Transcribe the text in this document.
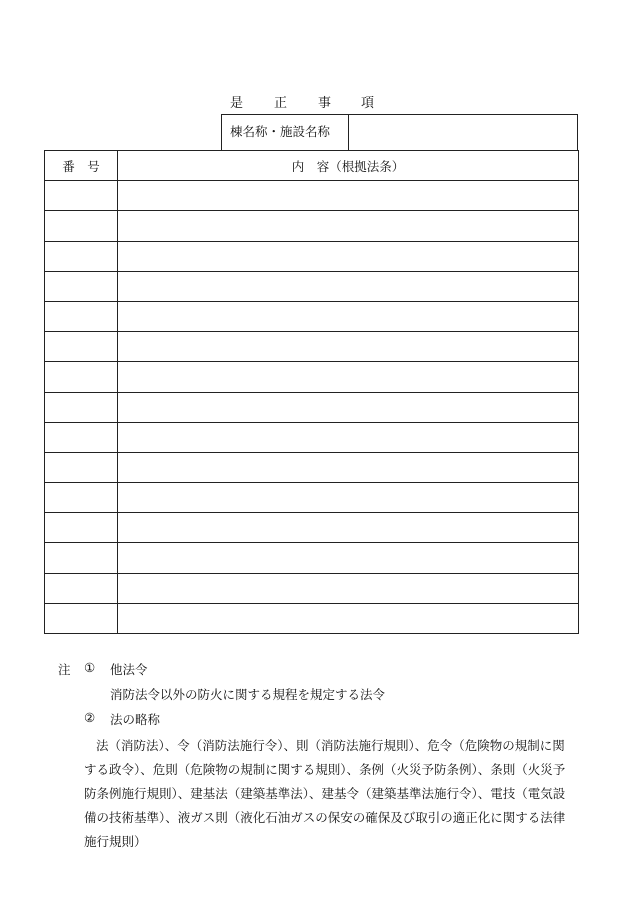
是 正 事 項
棟名称・施設名称
番　号	内　容（根拠法条）

注 ① 他法令
消防法令以外の防火に関する規程を規定する法令
② 法の略称
法（消防法）、令（消防法施行令）、則（消防法施行規則）、危令（危険物の規制に関
する政令）、危則（危険物の規制に関する規則）、条例（火災予防条例）、条則（火災予
防条例施行規則）、建基法（建築基準法）、建基令（建築基準法施行令）、電技（電気設
備の技術基準）、液ガス則（液化石油ガスの保安の確保及び取引の適正化に関する法律
施行規則）
